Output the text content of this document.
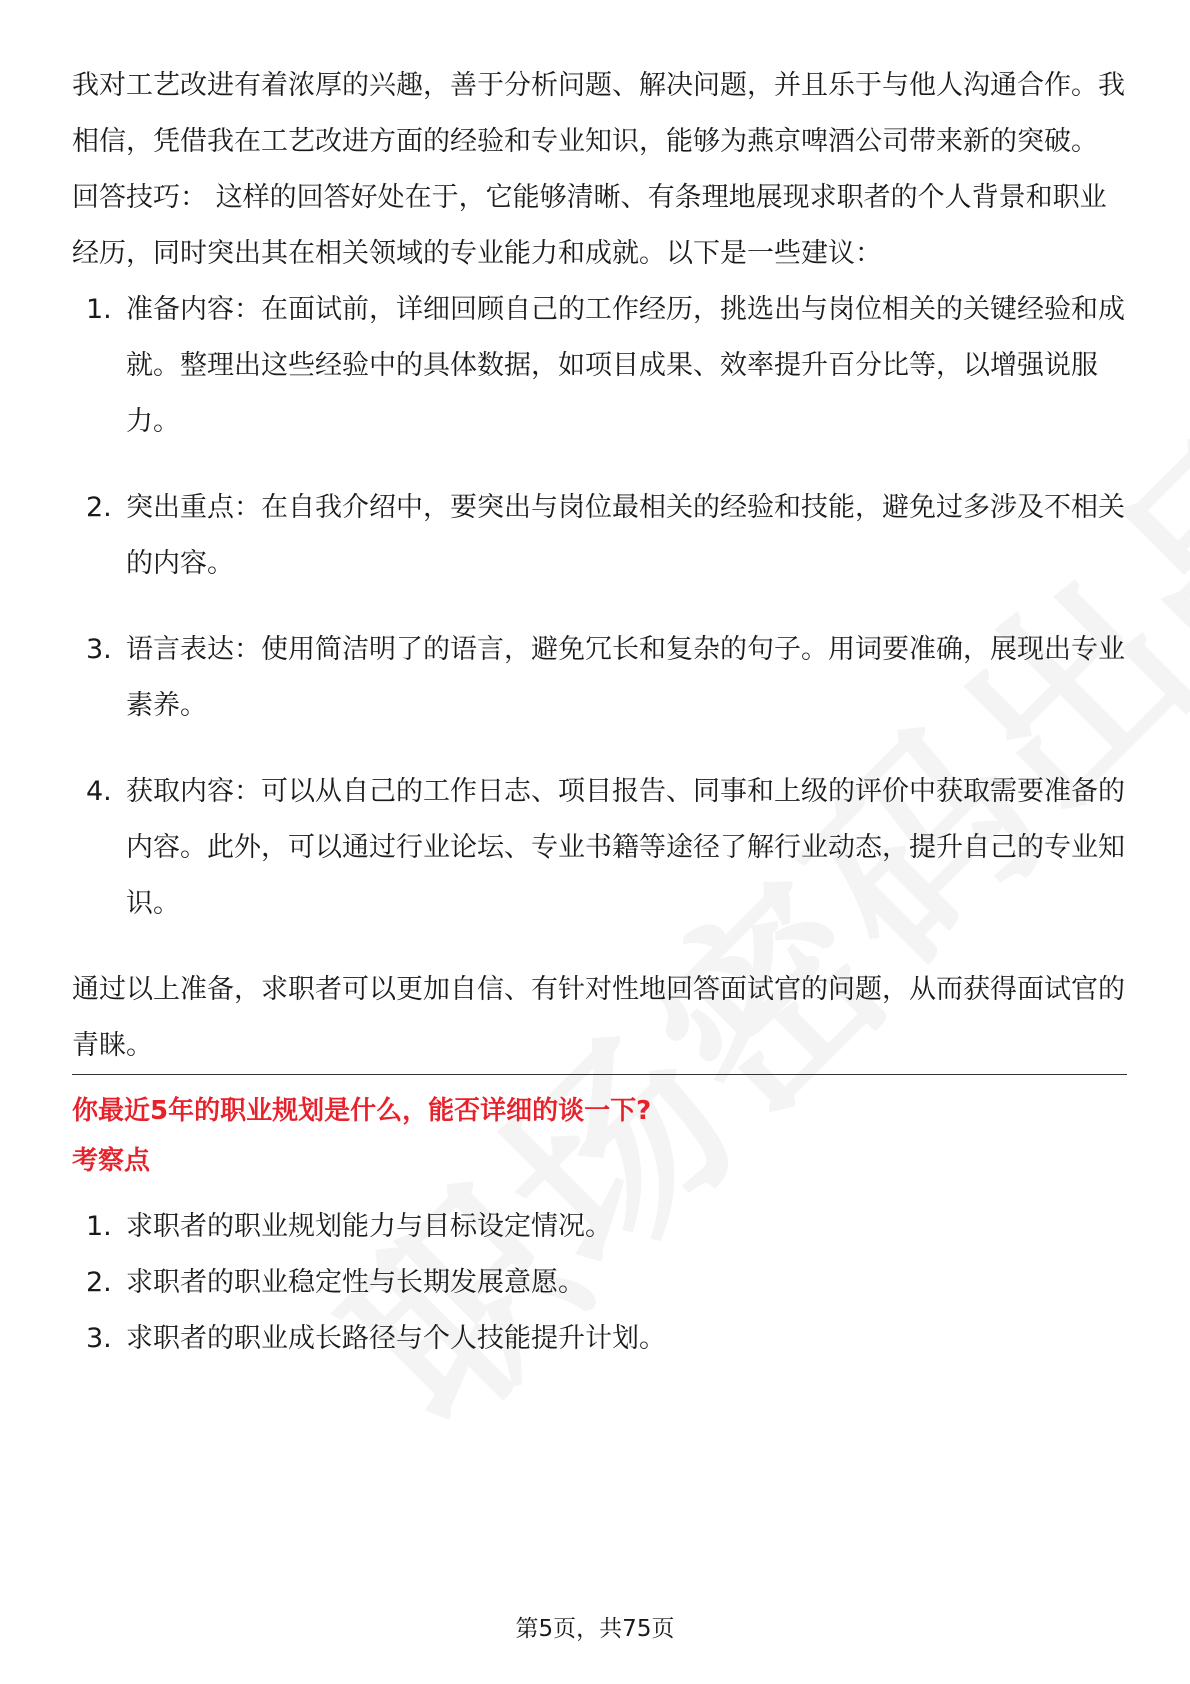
我对工艺改进有着浓厚的兴趣，善于分析问题、解决问题，并且乐于与他人沟通合作。我相信，凭借我在工艺改进方面的经验和专业知识，能够为燕京啤酒公司带来新的突破。

回答技巧： 这样的回答好处在于，它能够清晰、有条理地展现求职者的个人背景和职业经历，同时突出其在相关领域的专业能力和成就。以下是一些建议：

1. 准备内容：在面试前，详细回顾自己的工作经历，挑选出与岗位相关的关键经验和成就。整理出这些经验中的具体数据，如项目成果、效率提升百分比等，以增强说服力。
2. 突出重点：在自我介绍中，要突出与岗位最相关的经验和技能，避免过多涉及不相关的内容。
3. 语言表达：使用简洁明了的语言，避免冗长和复杂的句子。用词要准确，展现出专业素养。
4. 获取内容：可以从自己的工作日志、项目报告、同事和上级的评价中获取需要准备的内容。此外，可以通过行业论坛、专业书籍等途径了解行业动态，提升自己的专业知识。

通过以上准备，求职者可以更加自信、有针对性地回答面试官的问题，从而获得面试官的青睐。

你最近5年的职业规划是什么，能否详细的谈一下?
考察点
1. 求职者的职业规划能力与目标设定情况。
2. 求职者的职业稳定性与长期发展意愿。
3. 求职者的职业成长路径与个人技能提升计划。
第5页，共75页
